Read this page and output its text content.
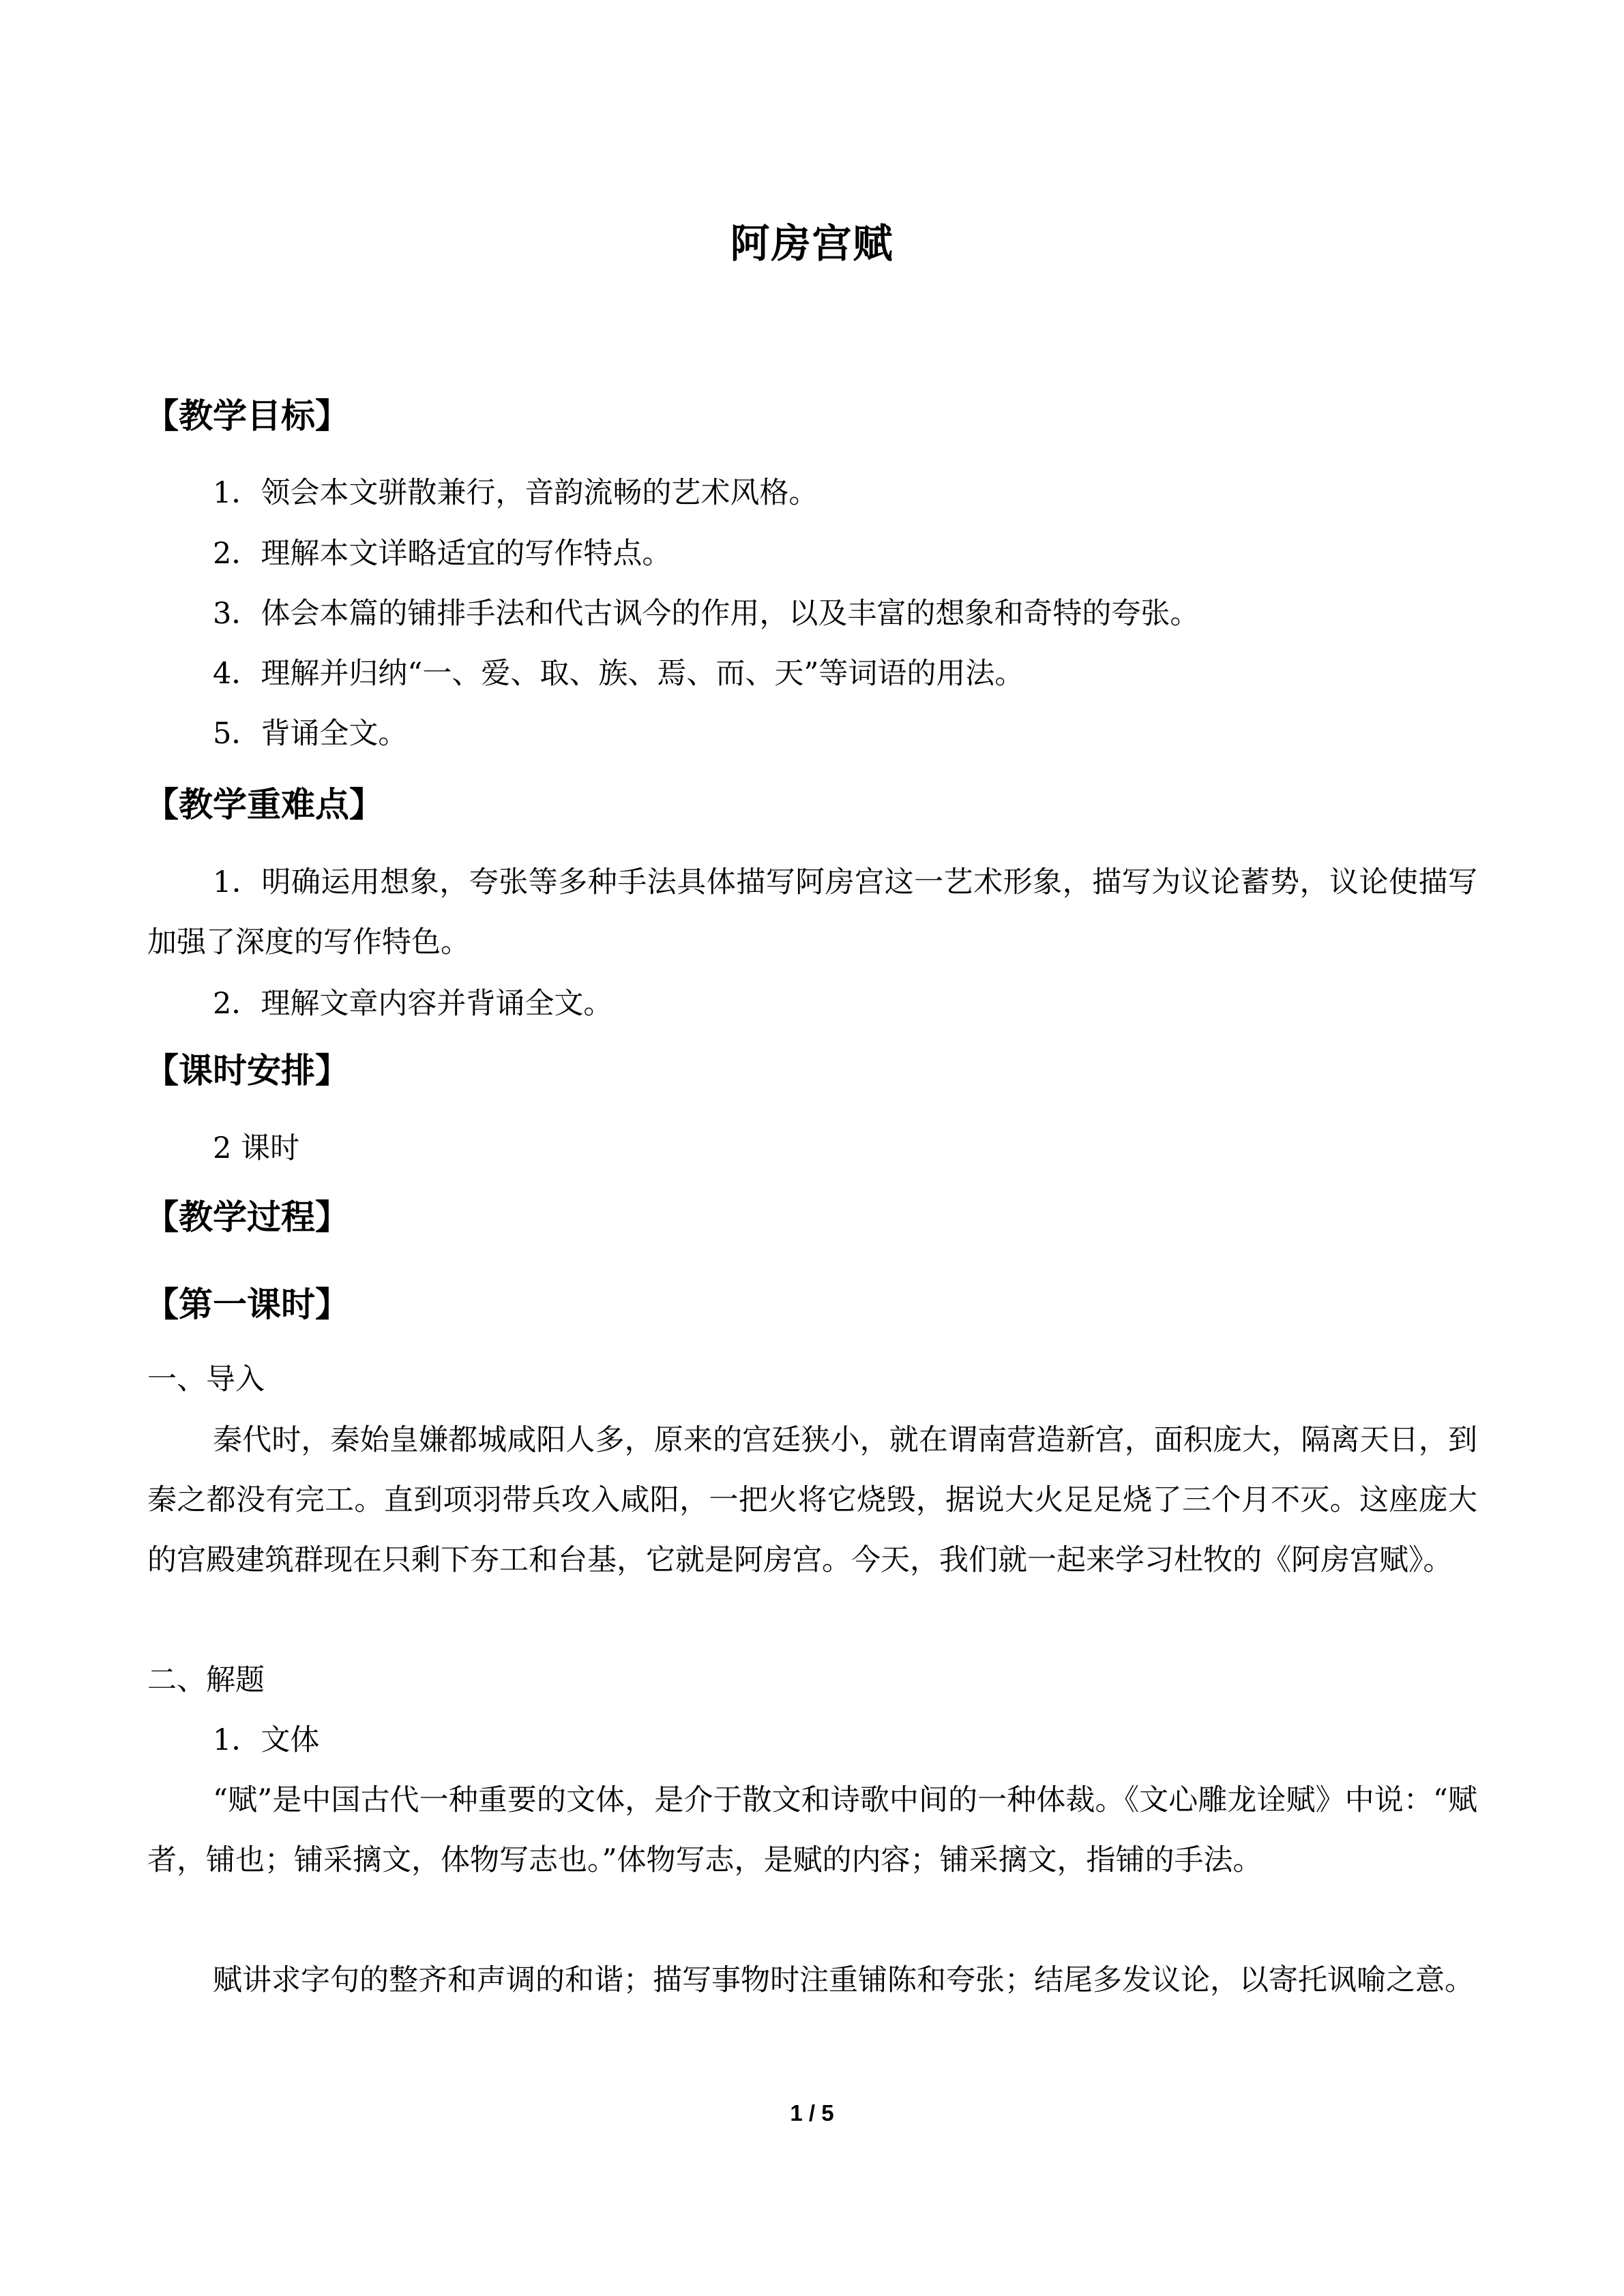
阿房宫赋
【教学目标】
1．领会本文骈散兼行，音韵流畅的艺术风格。
2．理解本文详略适宜的写作特点。
3．体会本篇的铺排手法和代古讽今的作用，以及丰富的想象和奇特的夸张。
4．理解并归纳“一、爱、取、族、焉、而、天”等词语的用法。
5．背诵全文。
【教学重难点】
1．明确运用想象，夸张等多种手法具体描写阿房宫这一艺术形象，描写为议论蓄势，议论使描写加强了深度的写作特色。
2．理解文章内容并背诵全文。
【课时安排】
2 课时
【教学过程】
【第一课时】
一、导入
秦代时，秦始皇嫌都城咸阳人多，原来的宫廷狭小，就在谓南营造新宫，面积庞大，隔离天日，到秦之都没有完工。直到项羽带兵攻入咸阳，一把火将它烧毁，据说大火足足烧了三个月不灭。这座庞大的宫殿建筑群现在只剩下夯工和台基，它就是阿房宫。今天，我们就一起来学习杜牧的《阿房宫赋》。
二、解题
1．文体
“赋”是中国古代一种重要的文体，是介于散文和诗歌中间的一种体裁。《文心雕龙诠赋》中说：“赋者，铺也；铺采摛文，体物写志也。”体物写志，是赋的内容；铺采摛文，指铺的手法。
赋讲求字句的整齐和声调的和谐；描写事物时注重铺陈和夸张；结尾多发议论，以寄托讽喻之意。
1 / 5
